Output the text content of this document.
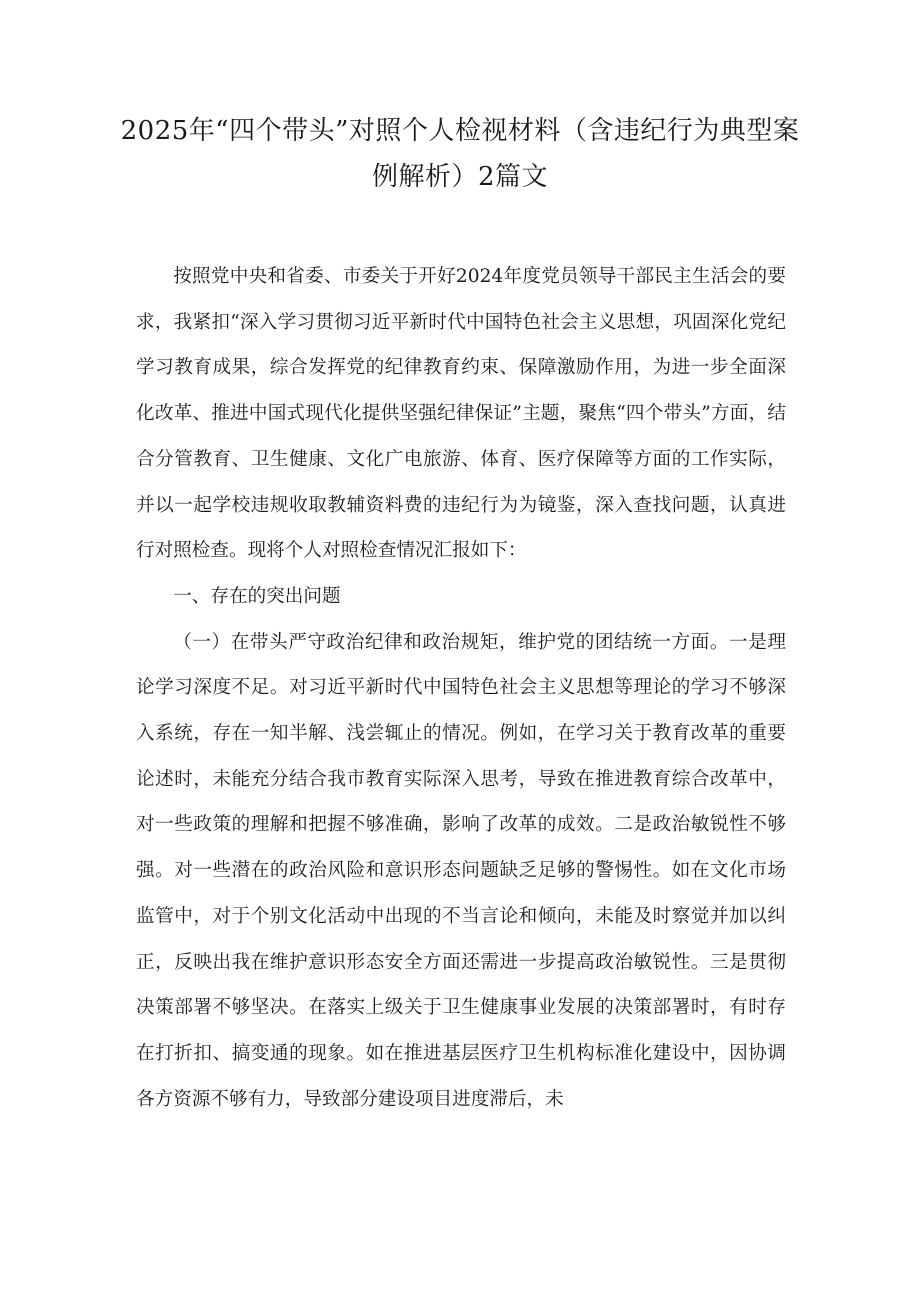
2025年“四个带头”对照个人检视材料（含违纪行为典型案例解析）2篇文

按照党中央和省委、市委关于开好2024年度党员领导干部民主生活会的要求，我紧扣“深入学习贯彻习近平新时代中国特色社会主义思想，巩固深化党纪学习教育成果，综合发挥党的纪律教育约束、保障激励作用，为进一步全面深化改革、推进中国式现代化提供坚强纪律保证”主题，聚焦“四个带头”方面，结合分管教育、卫生健康、文化广电旅游、体育、医疗保障等方面的工作实际，并以一起学校违规收取教辅资料费的违纪行为为镜鉴，深入查找问题，认真进行对照检查。现将个人对照检查情况汇报如下：

一、存在的突出问题

（一）在带头严守政治纪律和政治规矩，维护党的团结统一方面。一是理论学习深度不足。对习近平新时代中国特色社会主义思想等理论的学习不够深入系统，存在一知半解、浅尝辄止的情况。例如，在学习关于教育改革的重要论述时，未能充分结合我市教育实际深入思考，导致在推进教育综合改革中，对一些政策的理解和把握不够准确，影响了改革的成效。二是政治敏锐性不够强。对一些潜在的政治风险和意识形态问题缺乏足够的警惕性。如在文化市场监管中，对于个别文化活动中出现的不当言论和倾向，未能及时察觉并加以纠正，反映出我在维护意识形态安全方面还需进一步提高政治敏锐性。三是贯彻决策部署不够坚决。在落实上级关于卫生健康事业发展的决策部署时，有时存在打折扣、搞变通的现象。如在推进基层医疗卫生机构标准化建设中，因协调各方资源不够有力，导致部分建设项目进度滞后，未
